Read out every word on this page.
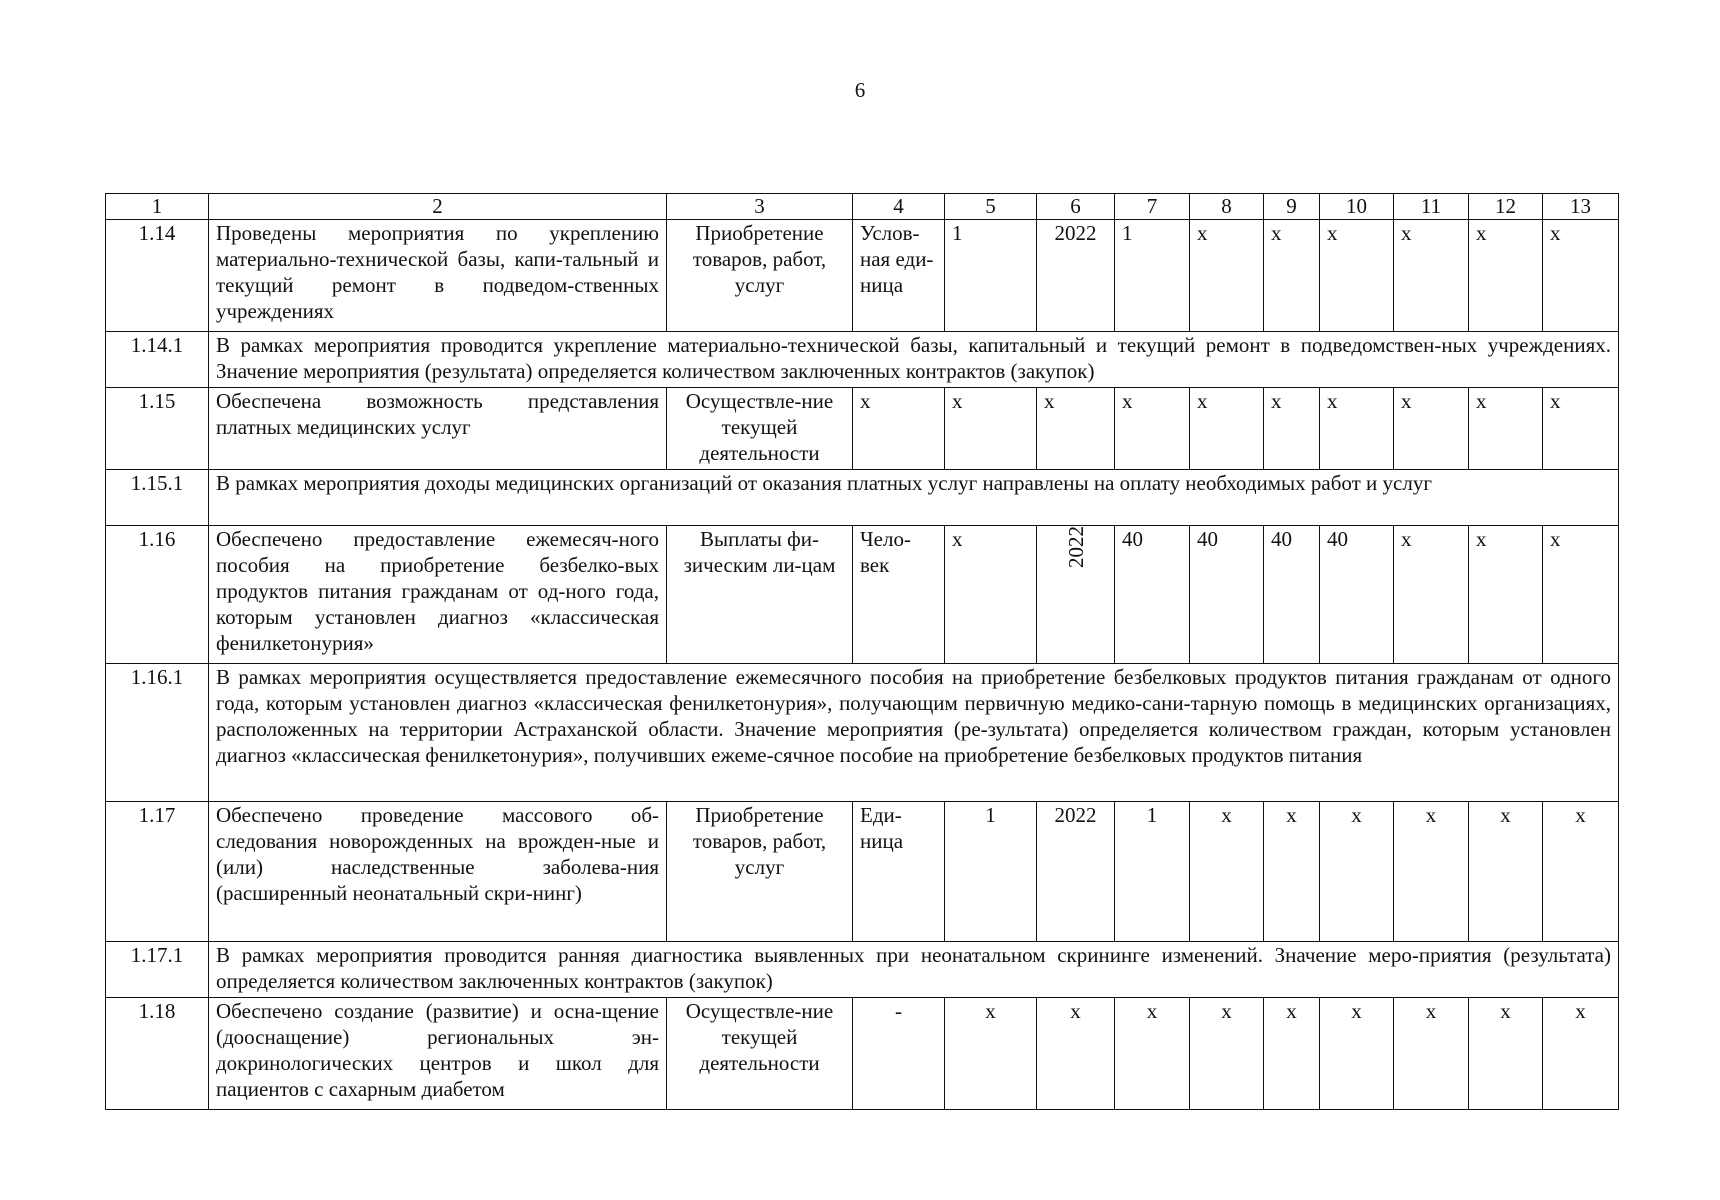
6
1	2	3	4	5	6	7	8	9	10	11	12	13
1.14	Проведены мероприятия по укреплению материально-технической базы, капи-тальный и текущий ремонт в подведом-ственных учреждениях	Приобретение товаров, работ, услуг	Услов-ная еди-ница	1	2022	1	x	x	x	x	x	x
1.14.1	В рамках мероприятия проводится укрепление материально-технической базы, капитальный и текущий ремонт в подведомствен-ных учреждениях. Значение мероприятия (результата) определяется количеством заключенных контрактов (закупок)											
1.15	Обеспечена возможность представления платных медицинских услуг	Осуществле-ние текущей деятельности	x	x	x	x	x	x	x	x	x	x
1.15.1	В рамках мероприятия доходы медицинских организаций от оказания платных услуг направлены на оплату необходимых работ и услуг											
1.16	Обеспечено предоставление ежемесяч-ного пособия на приобретение безбелко-вых продуктов питания гражданам от од-ного года, которым установлен диагноз «классическая фенилкетонурия»	Выплаты фи-зическим ли-цам	Чело-век	x	2022	40	40	40	40	x	x	x
1.16.1	В рамках мероприятия осуществляется предоставление ежемесячного пособия на приобретение безбелковых продуктов питания гражданам от одного года, которым установлен диагноз «классическая фенилкетонурия», получающим первичную медико-сани-тарную помощь в медицинских организациях, расположенных на территории Астраханской области. Значение мероприятия (ре-зультата) определяется количеством граждан, которым установлен диагноз «классическая фенилкетонурия», получивших ежеме-сячное пособие на приобретение безбелковых продуктов питания											
1.17	Обеспечено проведение массового об-следования новорожденных на врожден-ные и (или) наследственные заболева-ния (расширенный неонатальный скри-нинг)	Приобретение товаров, работ, услуг	Еди-ница	1	2022	1	x	x	x	x	x	x
1.17.1	В рамках мероприятия проводится ранняя диагностика выявленных при неонатальном скрининге изменений. Значение меро-приятия (результата) определяется количеством заключенных контрактов (закупок)											
1.18	Обеспечено создание (развитие) и осна-щение (дооснащение) региональных эн-докринологических центров и школ для пациентов с сахарным диабетом	Осуществле-ние текущей деятельности	-	x	x	x	x	x	x	x	x	x
